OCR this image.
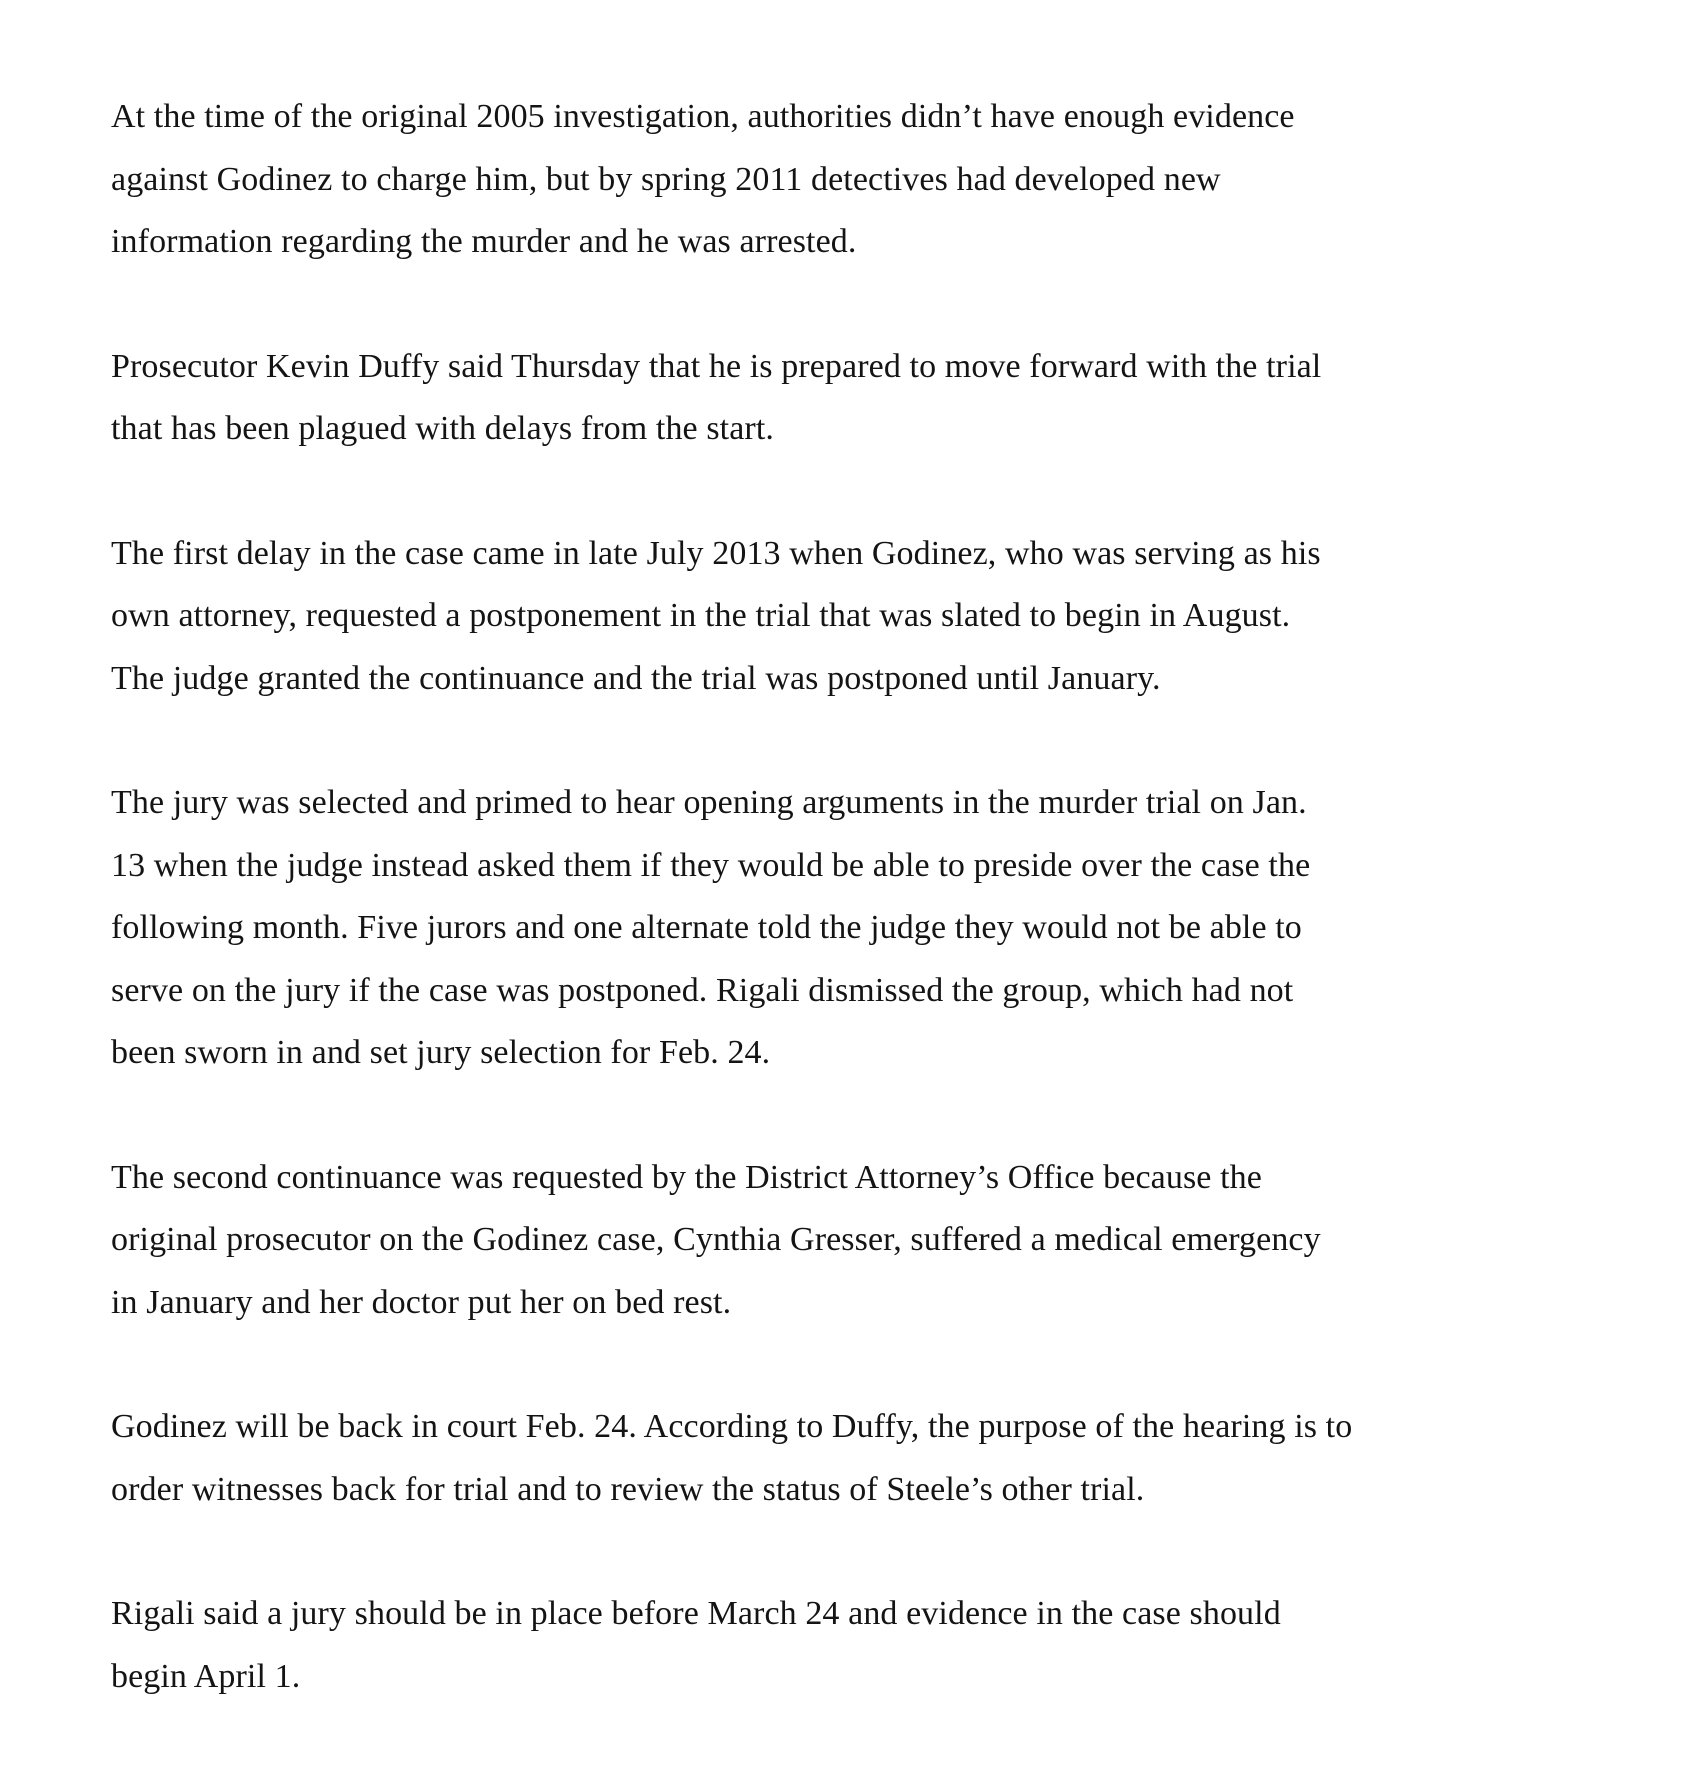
At the time of the original 2005 investigation, authorities didn’t have enough evidence
against Godinez to charge him, but by spring 2011 detectives had developed new
information regarding the murder and he was arrested.

Prosecutor Kevin Duffy said Thursday that he is prepared to move forward with the trial
that has been plagued with delays from the start.

The first delay in the case came in late July 2013 when Godinez, who was serving as his
own attorney, requested a postponement in the trial that was slated to begin in August.
The judge granted the continuance and the trial was postponed until January.

The jury was selected and primed to hear opening arguments in the murder trial on Jan.
13 when the judge instead asked them if they would be able to preside over the case the
following month. Five jurors and one alternate told the judge they would not be able to
serve on the jury if the case was postponed. Rigali dismissed the group, which had not
been sworn in and set jury selection for Feb. 24.

The second continuance was requested by the District Attorney’s Office because the
original prosecutor on the Godinez case, Cynthia Gresser, suffered a medical emergency
in January and her doctor put her on bed rest.

Godinez will be back in court Feb. 24. According to Duffy, the purpose of the hearing is to
order witnesses back for trial and to review the status of Steele’s other trial.

Rigali said a jury should be in place before March 24 and evidence in the case should
begin April 1.
